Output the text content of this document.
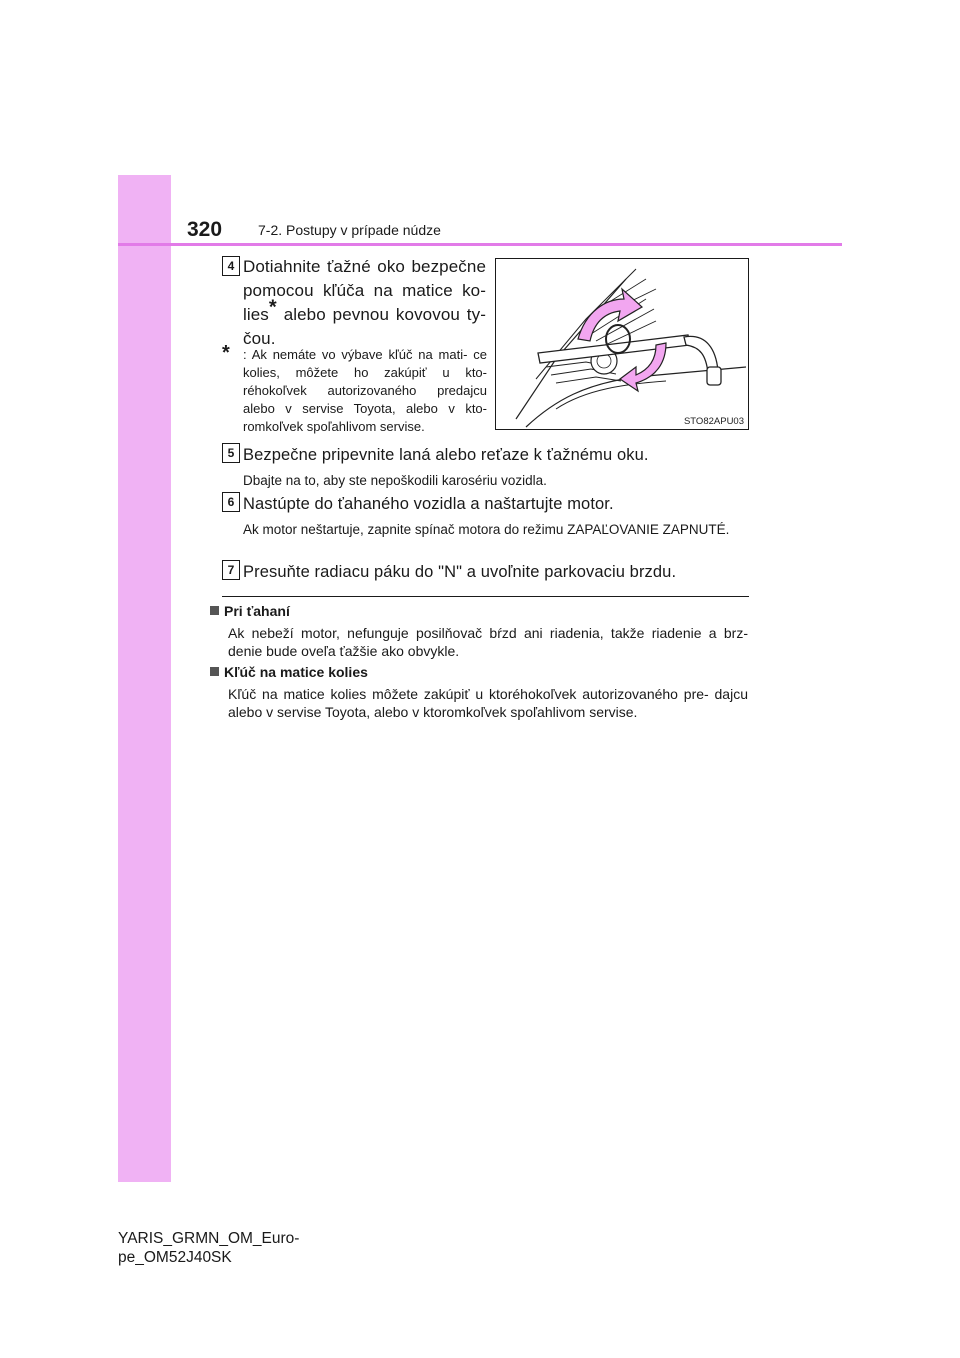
320	7-2. Postupy v prípade núdze
4 Dotiahnite ťažné oko bezpečne pomocou kľúča na matice ko- lies* alebo pevnou kovovou ty- čou.
*	: Ak nemáte vo výbave kľúč na mati- ce kolies, môžete ho zakúpiť u kto- réhokoľvek autorizovaného predajcu alebo v servise Toyota, alebo v kto- romkoľvek spoľahlivom servise.	STO82APU03
5 Bezpečne pripevnite laná alebo reťaze k ťažnému oku.
Dbajte na to, aby ste nepoškodili karosériu vozidla.
6 Nastúpte do ťahaného vozidla a naštartujte motor.
Ak motor neštartuje, zapnite spínač motora do režimu ZAPAĽOVANIE ZAPNUTÉ.
7 Presuňte radiacu páku do "N" a uvoľnite parkovaciu brzdu.
Pri ťahaní
Ak nebeží motor, nefunguje posilňovač bŕzd ani riadenia, takže riadenie a brz- denie bude oveľa ťažšie ako obvykle.
Kľúč na matice kolies
Kľúč na matice kolies môžete zakúpiť u ktoréhokoľvek autorizovaného pre- dajcu alebo v servise Toyota, alebo v ktoromkoľvek spoľahlivom servise.
YARIS_GRMN_OM_Euro-
pe_OM52J40SK
